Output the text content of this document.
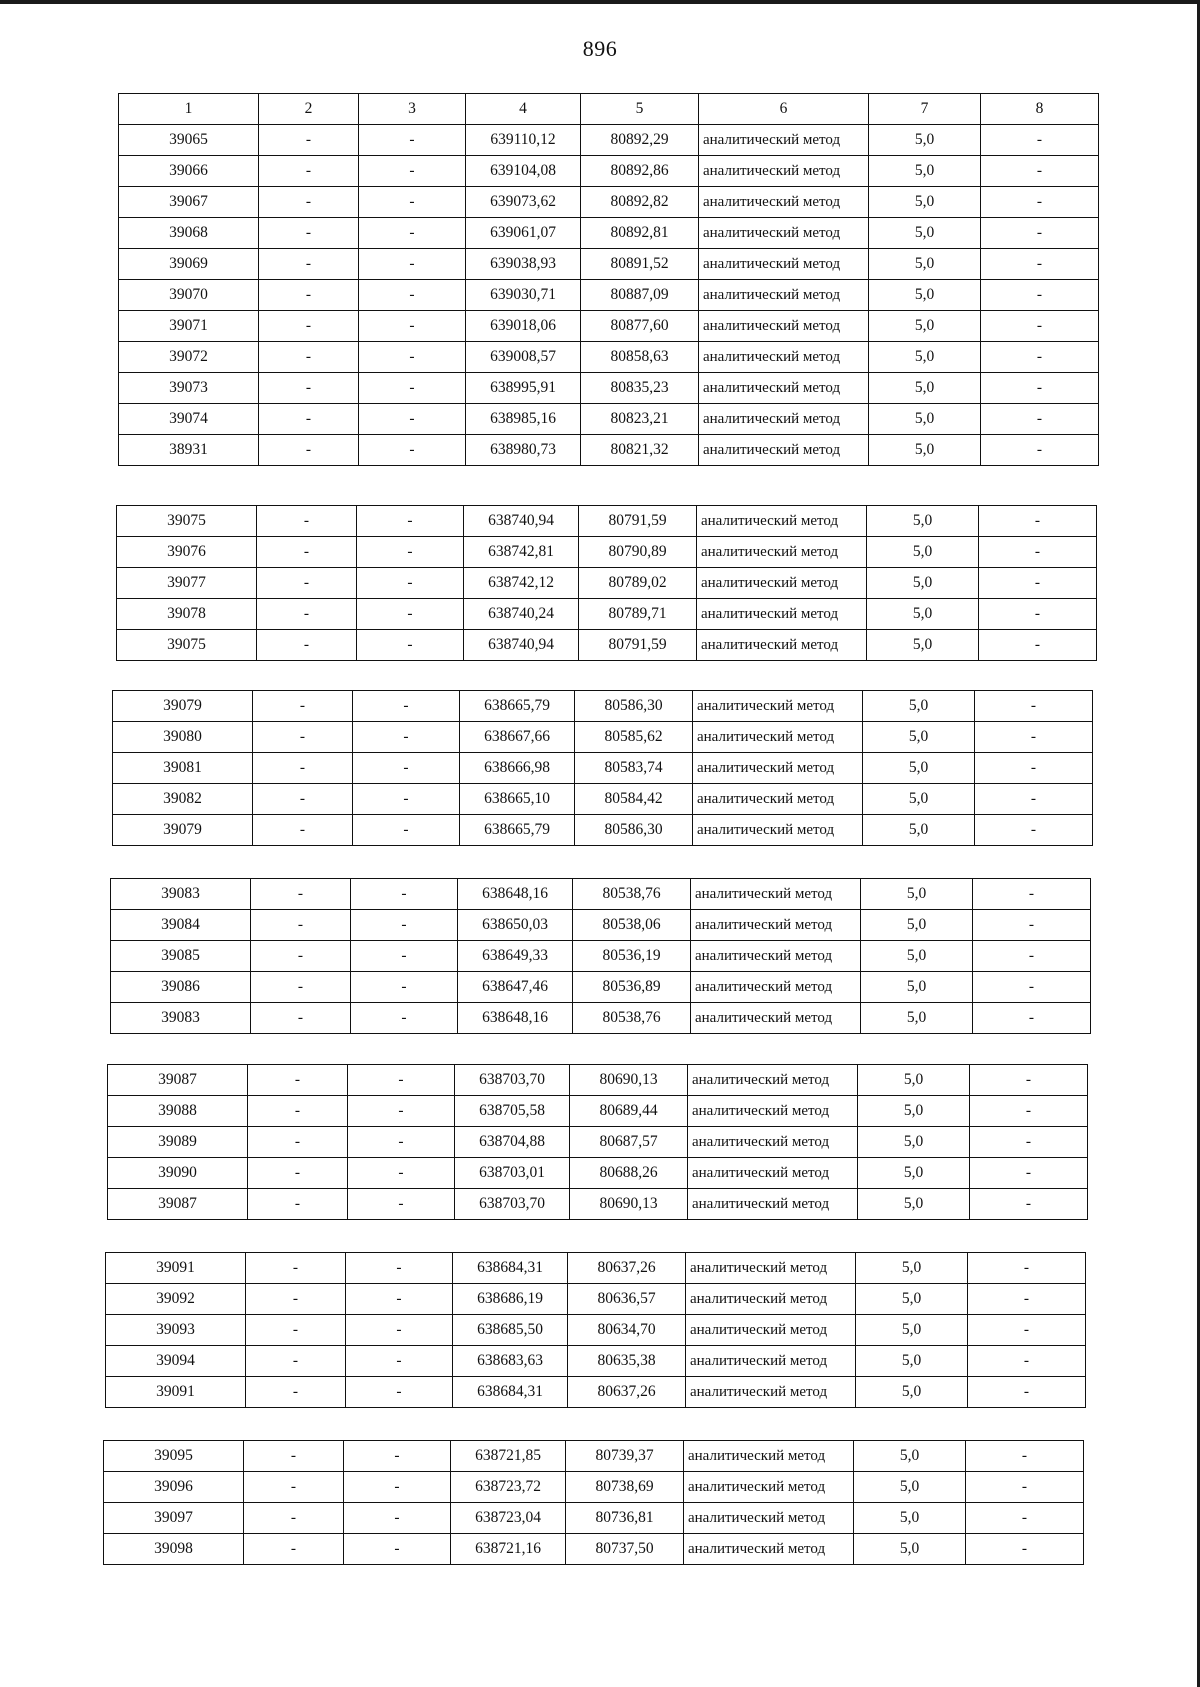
896
1	2	3	4	5	6	7	8
39065	-	-	639110,12	80892,29	аналитический метод	5,0	-
39066	-	-	639104,08	80892,86	аналитический метод	5,0	-
39067	-	-	639073,62	80892,82	аналитический метод	5,0	-
39068	-	-	639061,07	80892,81	аналитический метод	5,0	-
39069	-	-	639038,93	80891,52	аналитический метод	5,0	-
39070	-	-	639030,71	80887,09	аналитический метод	5,0	-
39071	-	-	639018,06	80877,60	аналитический метод	5,0	-
39072	-	-	639008,57	80858,63	аналитический метод	5,0	-
39073	-	-	638995,91	80835,23	аналитический метод	5,0	-
39074	-	-	638985,16	80823,21	аналитический метод	5,0	-
38931	-	-	638980,73	80821,32	аналитический метод	5,0	-
39075	-	-	638740,94	80791,59	аналитический метод	5,0	-
39076	-	-	638742,81	80790,89	аналитический метод	5,0	-
39077	-	-	638742,12	80789,02	аналитический метод	5,0	-
39078	-	-	638740,24	80789,71	аналитический метод	5,0	-
39075	-	-	638740,94	80791,59	аналитический метод	5,0	-
39079	-	-	638665,79	80586,30	аналитический метод	5,0	-
39080	-	-	638667,66	80585,62	аналитический метод	5,0	-
39081	-	-	638666,98	80583,74	аналитический метод	5,0	-
39082	-	-	638665,10	80584,42	аналитический метод	5,0	-
39079	-	-	638665,79	80586,30	аналитический метод	5,0	-
39083	-	-	638648,16	80538,76	аналитический метод	5,0	-
39084	-	-	638650,03	80538,06	аналитический метод	5,0	-
39085	-	-	638649,33	80536,19	аналитический метод	5,0	-
39086	-	-	638647,46	80536,89	аналитический метод	5,0	-
39083	-	-	638648,16	80538,76	аналитический метод	5,0	-
39087	-	-	638703,70	80690,13	аналитический метод	5,0	-
39088	-	-	638705,58	80689,44	аналитический метод	5,0	-
39089	-	-	638704,88	80687,57	аналитический метод	5,0	-
39090	-	-	638703,01	80688,26	аналитический метод	5,0	-
39087	-	-	638703,70	80690,13	аналитический метод	5,0	-
39091	-	-	638684,31	80637,26	аналитический метод	5,0	-
39092	-	-	638686,19	80636,57	аналитический метод	5,0	-
39093	-	-	638685,50	80634,70	аналитический метод	5,0	-
39094	-	-	638683,63	80635,38	аналитический метод	5,0	-
39091	-	-	638684,31	80637,26	аналитический метод	5,0	-
39095	-	-	638721,85	80739,37	аналитический метод	5,0	-
39096	-	-	638723,72	80738,69	аналитический метод	5,0	-
39097	-	-	638723,04	80736,81	аналитический метод	5,0	-
39098	-	-	638721,16	80737,50	аналитический метод	5,0	-
